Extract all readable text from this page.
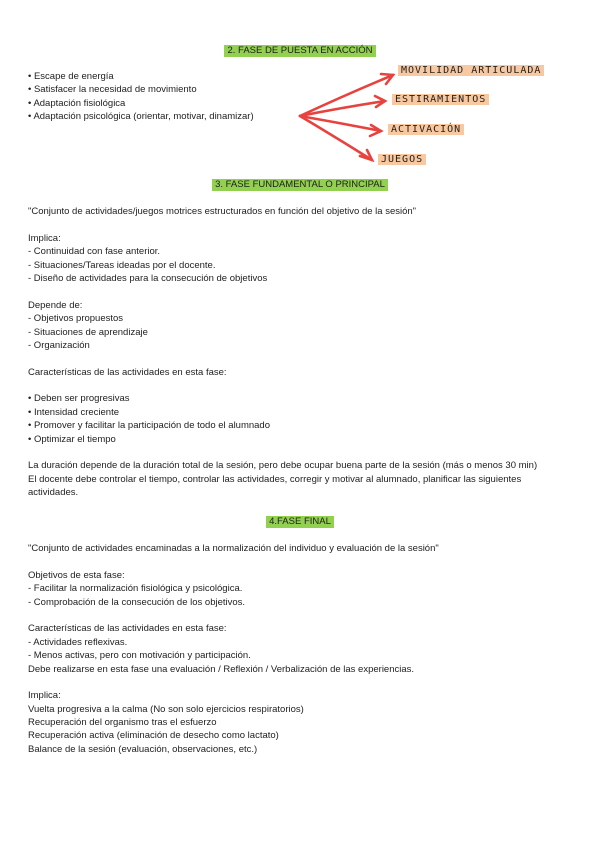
2. FASE DE PUESTA EN ACCIÓN
• Escape de energía
• Satisfacer la necesidad de movimiento
• Adaptación fisiológica
• Adaptación psicológica (orientar, motivar, dinamizar)
MOVILIDAD ARTICULADA
ESTIRAMIENTOS
ACTIVACIÓN
JUEGOS
3. FASE FUNDAMENTAL O PRINCIPAL
"Conjunto de actividades/juegos motrices estructurados en función del objetivo de la sesión"
Implica:
- Continuidad con fase anterior.
- Situaciones/Tareas ideadas por el docente.
- Diseño de actividades para la consecución de objetivos
Depende de:
- Objetivos propuestos
- Situaciones de aprendizaje
- Organización
Características de las actividades en esta fase:
• Deben ser progresivas
• Intensidad creciente
• Promover y facilitar la participación de todo el alumnado
• Optimizar el tiempo
La duración depende de la duración total de la sesión, pero debe ocupar buena parte de la sesión (más o menos 30 min)
El docente debe controlar el tiempo, controlar las actividades, corregir y motivar al alumnado, planificar las siguientes actividades.
4.FASE FINAL
"Conjunto de actividades encaminadas a la normalización del individuo y evaluación de la sesión"
Objetivos de esta fase:
- Facilitar la normalización fisiológica y psicológica.
- Comprobación de la consecución de los objetivos.
Características de las actividades en esta fase:
- Actividades reflexivas.
- Menos activas, pero con motivación y participación.
Debe realizarse en esta fase una evaluación / Reflexión / Verbalización de las experiencias.
Implica:
Vuelta progresiva a la calma (No son solo ejercicios respiratorios)
Recuperación del organismo tras el esfuerzo
Recuperación activa (eliminación de desecho como lactato)
Balance de la sesión (evaluación, observaciones, etc.)
